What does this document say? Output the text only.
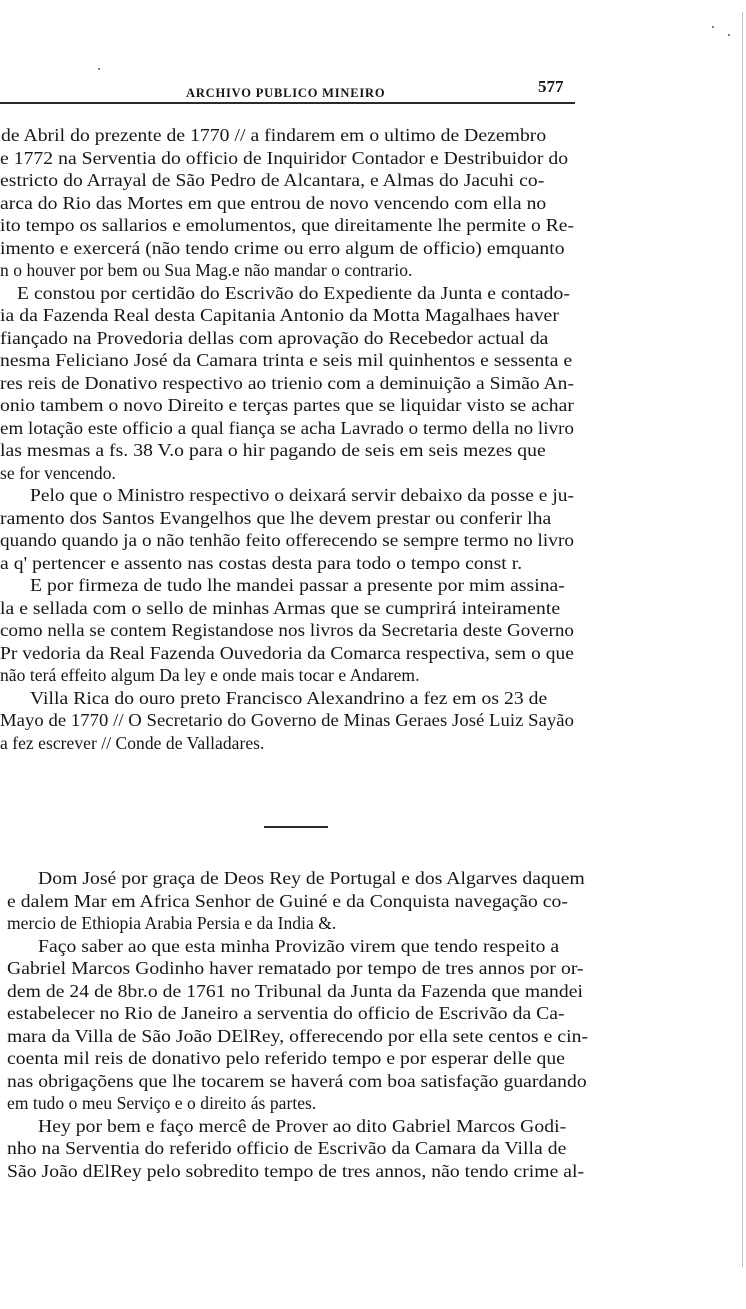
ARCHIVO PUBLICO MINEIRO	577
de Abril do prezente de 1770 // a findarem em o ultimo de Dezembro
e 1772 na Serventia do officio de Inquiridor Contador e Destribuidor do
estricto do Arrayal de São Pedro de Alcantara, e Almas do Jacuhi co-
arca do Rio das Mortes em que entrou de novo vencendo com ella no
ito tempo os sallarios e emolumentos, que direitamente lhe permite o Re-
imento e exercerá (não tendo crime ou erro algum de officio) emquanto
n o houver por bem ou Sua Mag.e não mandar o contrario.
E constou por certidão do Escrivão do Expediente da Junta e contado-
ia da Fazenda Real desta Capitania Antonio da Motta Magalhaes haver
fiançado na Provedoria dellas com aprovação do Recebedor actual da
nesma Feliciano José da Camara trinta e seis mil quinhentos e sessenta e
res reis de Donativo respectivo ao trienio com a deminuição a Simão An-
onio tambem o novo Direito e terças partes que se liquidar visto se achar
em lotação este officio a qual fiança se acha Lavrado o termo della no livro
las mesmas a fs. 38 V.o para o hir pagando de seis em seis mezes que
se for vencendo.
Pelo que o Ministro respectivo o deixará servir debaixo da posse e ju-
ramento dos Santos Evangelhos que lhe devem prestar ou conferir lha
quando quando ja o não tenhão feito offerecendo se sempre termo no livro
a q' pertencer e assento nas costas desta para todo o tempo const r.
E por firmeza de tudo lhe mandei passar a presente por mim assina-
la e sellada com o sello de minhas Armas que se cumprirá inteiramente
como nella se contem Registandose nos livros da Secretaria deste Governo
Pr vedoria da Real Fazenda Ouvedoria da Comarca respectiva, sem o que
não terá effeito algum Da ley e onde mais tocar e Andarem.
Villa Rica do ouro preto Francisco Alexandrino a fez em os 23 de
Mayo de 1770 // O Secretario do Governo de Minas Geraes José Luiz Sayão
a fez escrever // Conde de Valladares.
Dom José por graça de Deos Rey de Portugal e dos Algarves daquem
e dalem Mar em Africa Senhor de Guiné e da Conquista navegação co-
mercio de Ethiopia Arabia Persia e da India &.
Faço saber ao que esta minha Provizão virem que tendo respeito a
Gabriel Marcos Godinho haver rematado por tempo de tres annos por or-
dem de 24 de 8br.o de 1761 no Tribunal da Junta da Fazenda que mandei
estabelecer no Rio de Janeiro a serventia do officio de Escrivão da Ca-
mara da Villa de São João DElRey, offerecendo por ella sete centos e cin-
coenta mil reis de donativo pelo referido tempo e por esperar delle que
nas obrigaçõens que lhe tocarem se haverá com boa satisfação guardando
em tudo o meu Serviço e o direito ás partes.
Hey por bem e faço mercê de Prover ao dito Gabriel Marcos Godi-
nho na Serventia do referido officio de Escrivão da Camara da Villa de
São João dElRey pelo sobredito tempo de tres annos, não tendo crime al-
